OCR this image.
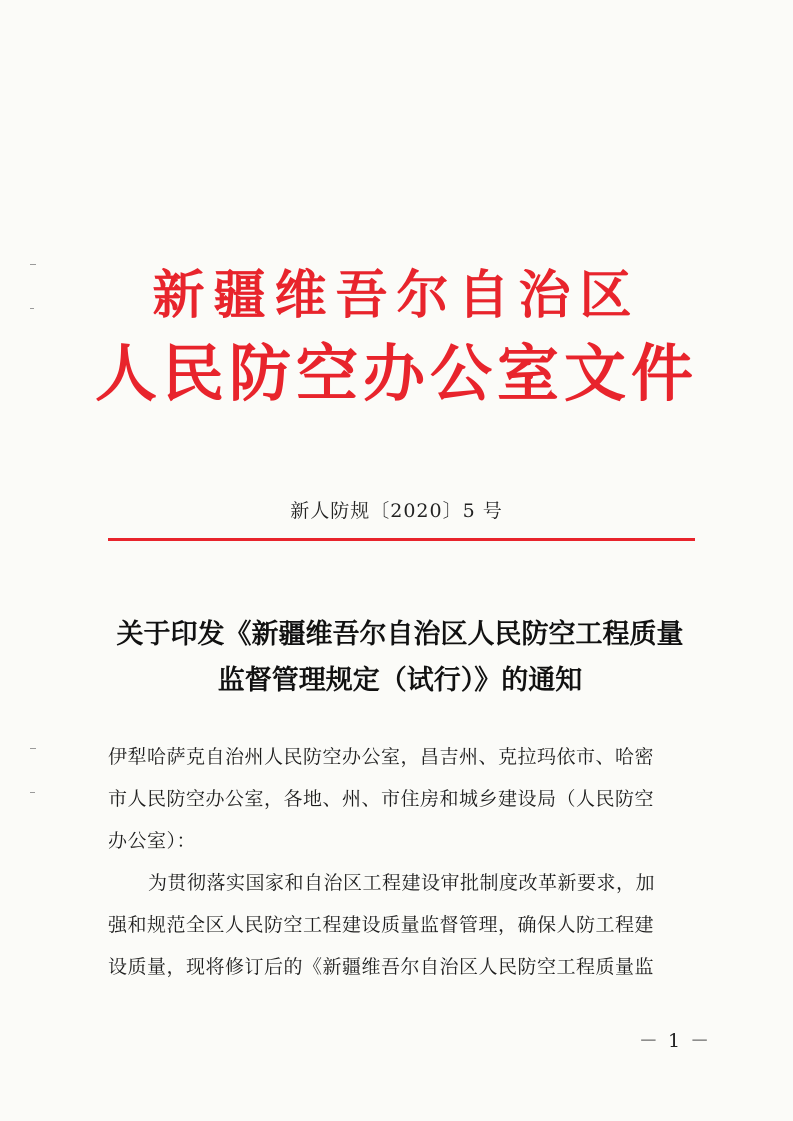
新疆维吾尔自治区
人民防空办公室文件
新人防规〔2020〕5 号
关于印发《新疆维吾尔自治区人民防空工程质量
监督管理规定（试行）》的通知
伊犁哈萨克自治州人民防空办公室，昌吉州、克拉玛依市、哈密
市人民防空办公室，各地、州、市住房和城乡建设局（人民防空
办公室）：
为贯彻落实国家和自治区工程建设审批制度改革新要求，加
强和规范全区人民防空工程建设质量监督管理，确保人防工程建
设质量，现将修订后的《新疆维吾尔自治区人民防空工程质量监
－ 1 －
